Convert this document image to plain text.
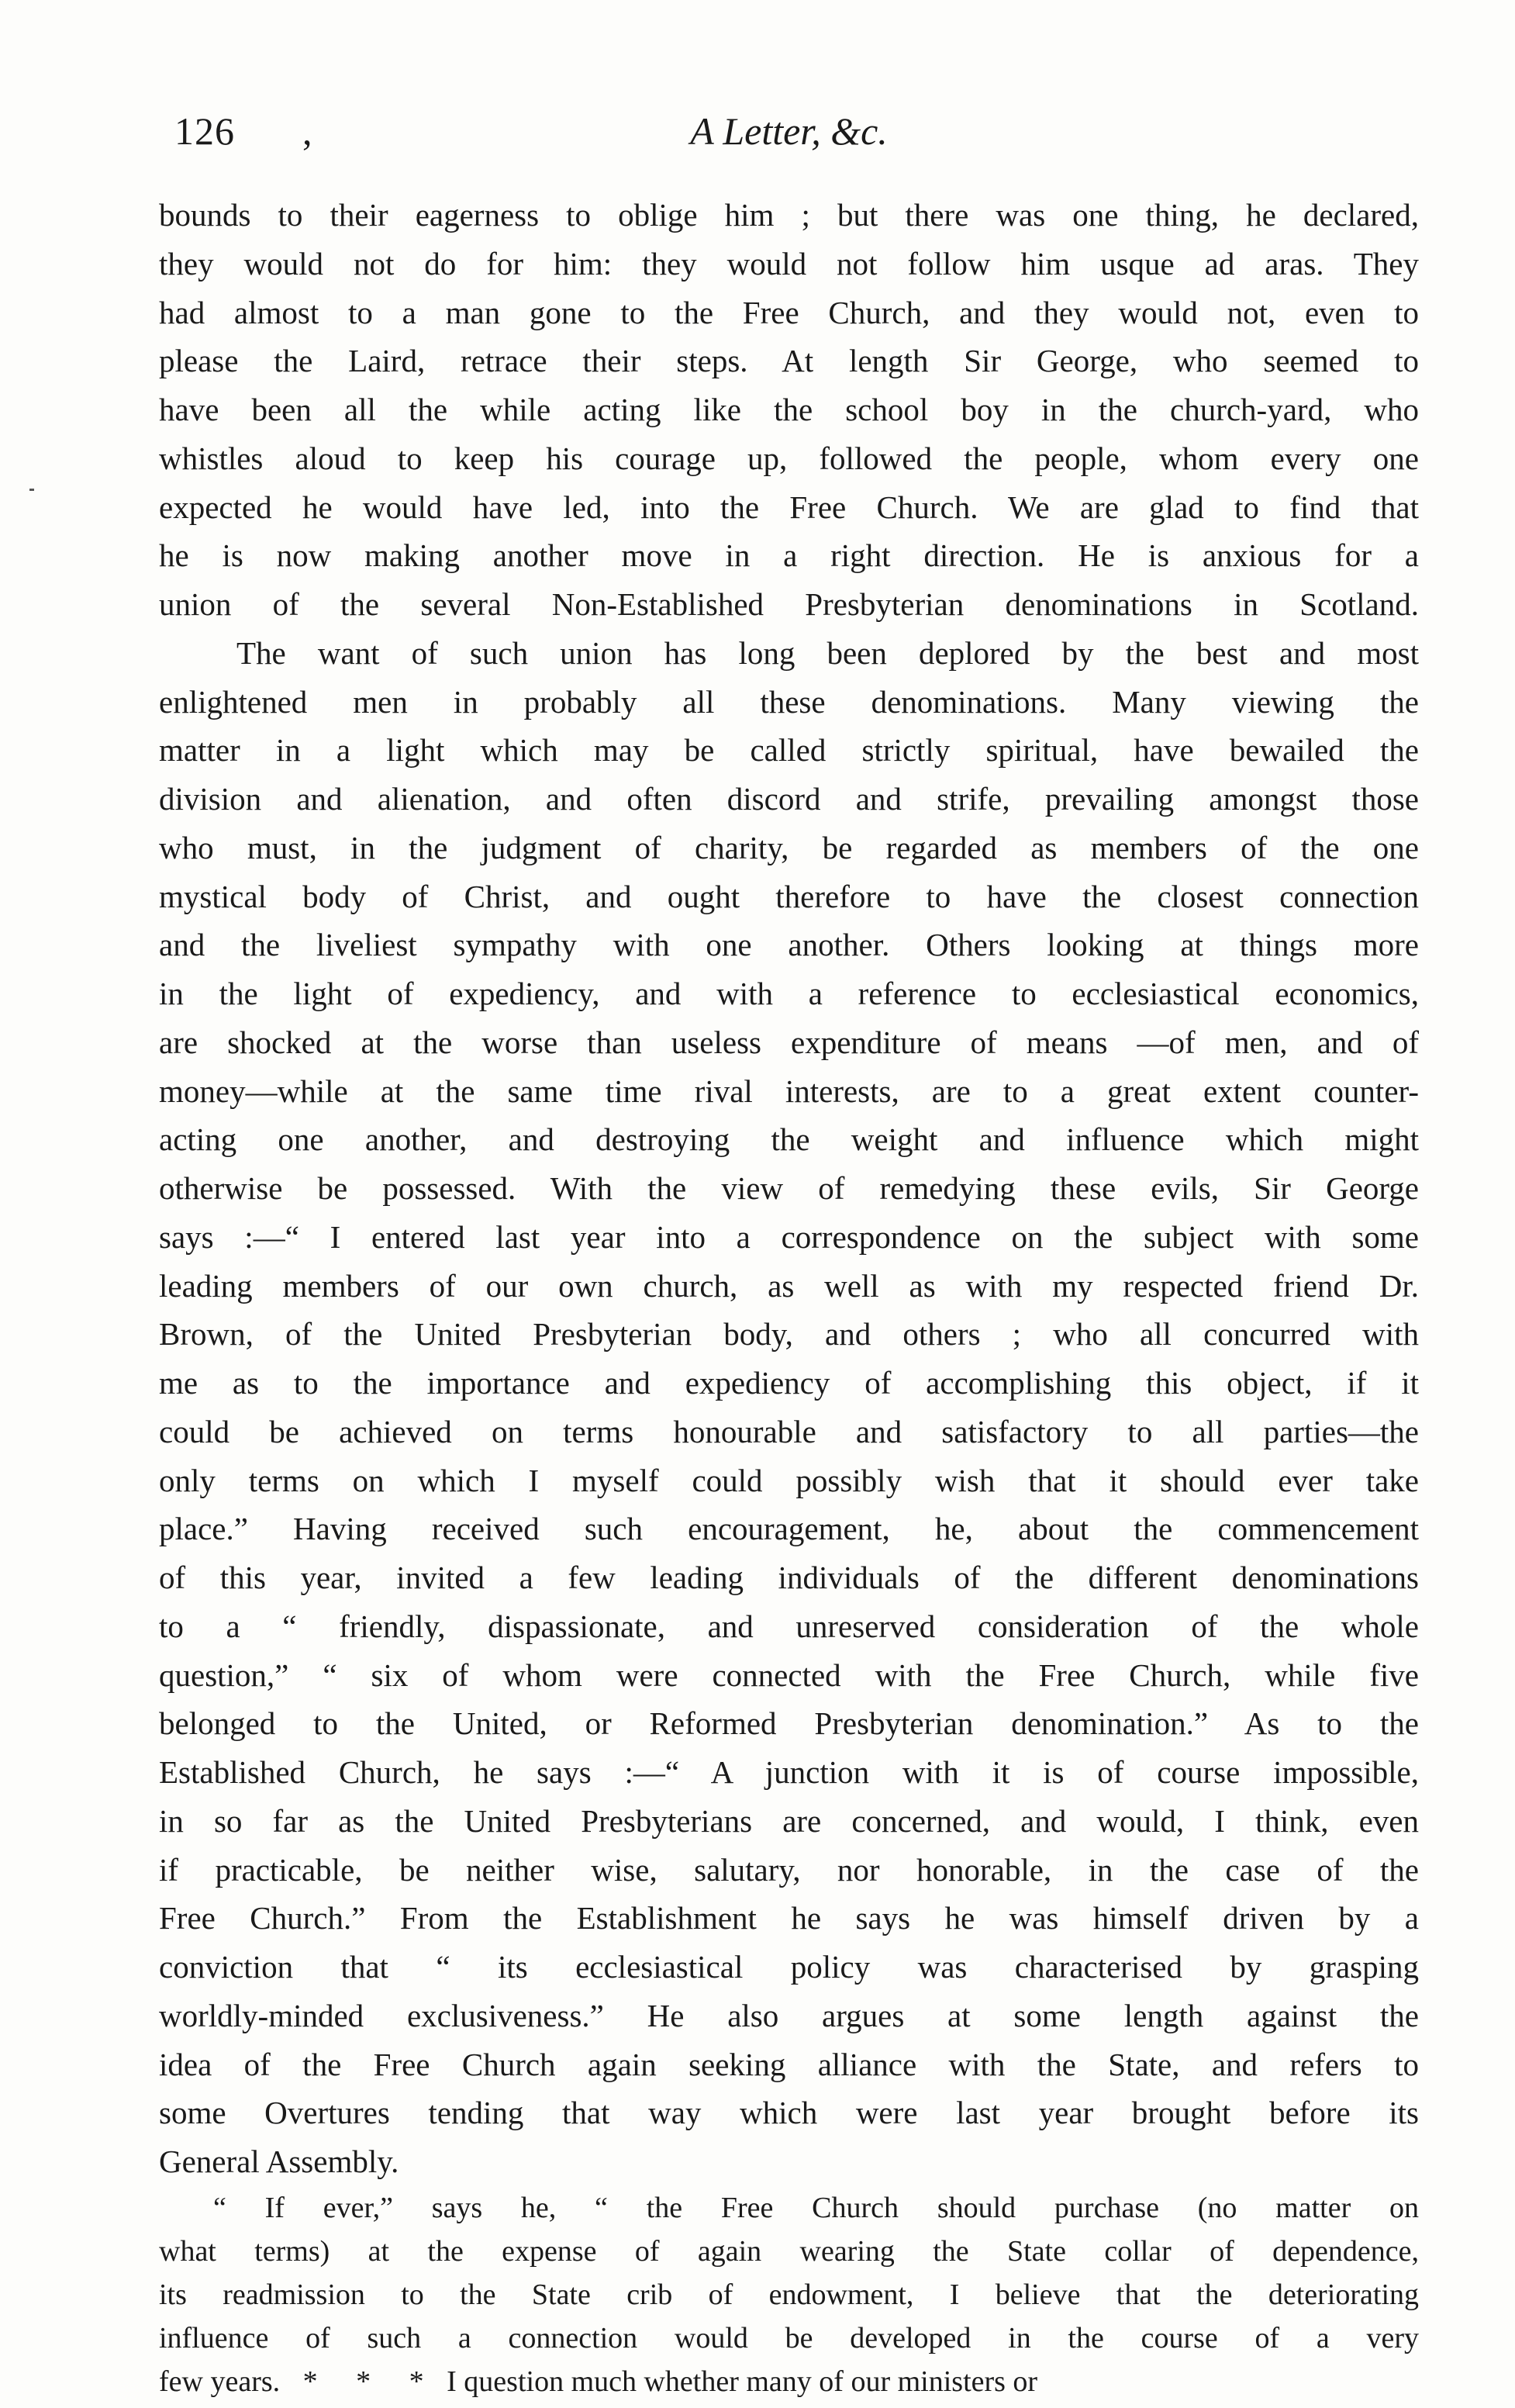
126 ,	A Letter, &c.
bounds to their eagerness to oblige him ; but there was one thing, he declared,
they would not do for him: they would not follow him usque ad aras. They
had almost to a man gone to the Free Church, and they would not, even to
please the Laird, retrace their steps. At length Sir George, who seemed to
have been all the while acting like the school boy in the church-yard, who
whistles aloud to keep his courage up, followed the people, whom every one
expected he would have led, into the Free Church. We are glad to find that
he is now making another move in a right direction. He is anxious for a
union of the several Non-Established Presbyterian denominations in Scotland.
The want of such union has long been deplored by the best and most
enlightened men in probably all these denominations. Many viewing the
matter in a light which may be called strictly spiritual, have bewailed the
division and alienation, and often discord and strife, prevailing amongst those
who must, in the judgment of charity, be regarded as members of the one
mystical body of Christ, and ought therefore to have the closest connection
and the liveliest sympathy with one another. Others looking at things more
in the light of expediency, and with a reference to ecclesiastical economics,
are shocked at the worse than useless expenditure of means —of men, and of
money—while at the same time rival interests, are to a great extent counter-
acting one another, and destroying the weight and influence which might
otherwise be possessed. With the view of remedying these evils, Sir George
says :—“ I entered last year into a correspondence on the subject with some
leading members of our own church, as well as with my respected friend Dr.
Brown, of the United Presbyterian body, and others ; who all concurred with
me as to the importance and expediency of accomplishing this object, if it
could be achieved on terms honourable and satisfactory to all parties—the
only terms on which I myself could possibly wish that it should ever take
place.” Having received such encouragement, he, about the commencement
of this year, invited a few leading individuals of the different denominations
to a “ friendly, dispassionate, and unreserved consideration of the whole
question,” “ six of whom were connected with the Free Church, while five
belonged to the United, or Reformed Presbyterian denomination.” As to the
Established Church, he says :—“ A junction with it is of course impossible,
in so far as the United Presbyterians are concerned, and would, I think, even
if practicable, be neither wise, salutary, nor honorable, in the case of the
Free Church.” From the Establishment he says he was himself driven by a
conviction that “ its ecclesiastical policy was characterised by grasping
worldly-minded exclusiveness.” He also argues at some length against the
idea of the Free Church again seeking alliance with the State, and refers to
some Overtures tending that way which were last year brought before its
General Assembly.
“ If ever,” says he, “ the Free Church should purchase (no matter on
what terms) at the expense of again wearing the State collar of dependence,
its readmission to the State crib of endowment, I believe that the deteriorating
influence of such a connection would be developed in the course of a very
few years. * * * I question much whether many of our ministers or
